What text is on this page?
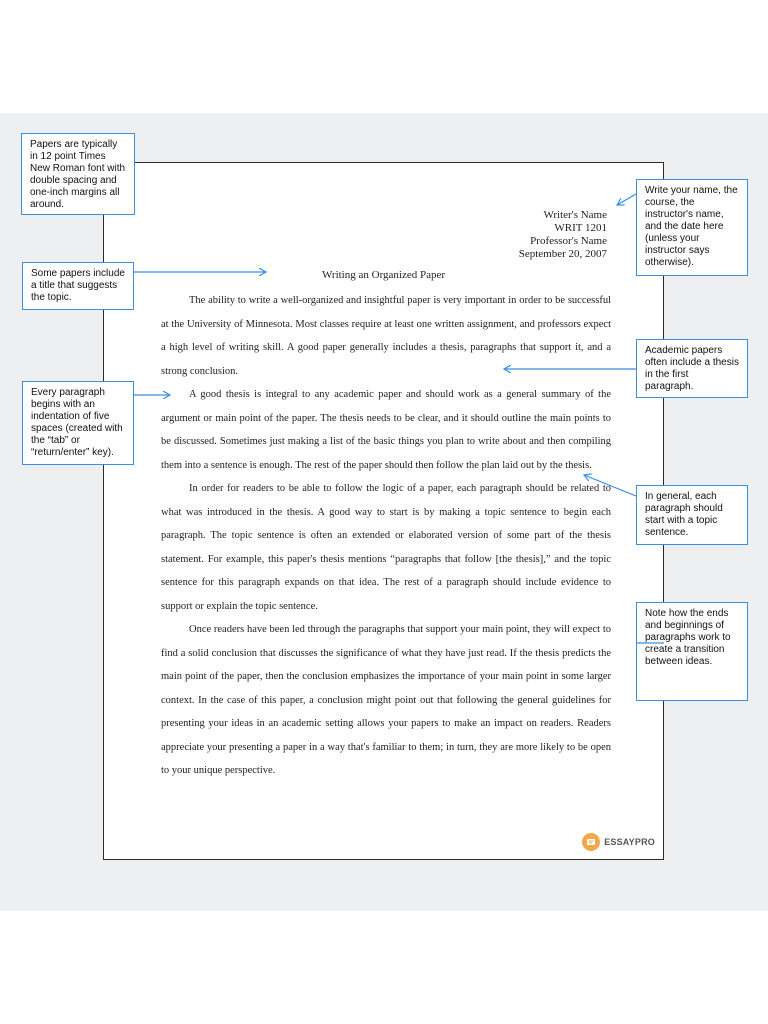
Writer's Name
WRIT 1201
Professor's Name
September 20, 2007
Writing an Organized Paper

The ability to write a well-organized and insightful paper is very important in order to be successful at the University of Minnesota. Most classes require at least one written assignment, and professors expect a high level of writing skill. A good paper generally includes a thesis, paragraphs that support it, and a strong conclusion.

A good thesis is integral to any academic paper and should work as a general summary of the argument or main point of the paper. The thesis needs to be clear, and it should outline the main points to be discussed. Sometimes just making a list of the basic things you plan to write about and then compiling them into a sentence is enough. The rest of the paper should then follow the plan laid out by the thesis.

In order for readers to be able to follow the logic of a paper, each paragraph should be related to what was introduced in the thesis. A good way to start is by making a topic sentence to begin each paragraph. The topic sentence is often an extended or elaborated version of some part of the thesis statement. For example, this paper's thesis mentions “paragraphs that follow [the thesis],” and the topic sentence for this paragraph expands on that idea. The rest of a paragraph should include evidence to support or explain the topic sentence.

Once readers have been led through the paragraphs that support your main point, they will expect to find a solid conclusion that discusses the significance of what they have just read. If the thesis predicts the main point of the paper, then the conclusion emphasizes the importance of your main point in some larger context. In the case of this paper, a conclusion might point out that following the general guidelines for presenting your ideas in an academic setting allows your papers to make an impact on readers. Readers appreciate your presenting a paper in a way that's familiar to them; in turn, they are more likely to be open to your unique perspective.

ESSAYPRO
Papers are typically in 12 point Times New Roman font with double spacing and one-inch margins all around.
Some papers include a title that suggests the topic.
Every paragraph begins with an indentation of five spaces (created with the “tab” or “return/enter” key).
Write your name, the course, the instructor's name, and the date here (unless your instructor says otherwise).
Academic papers often include a thesis in the first paragraph.
In general, each paragraph should start with a topic sentence.
Note how the ends and beginnings of paragraphs work to create a transition between ideas.
